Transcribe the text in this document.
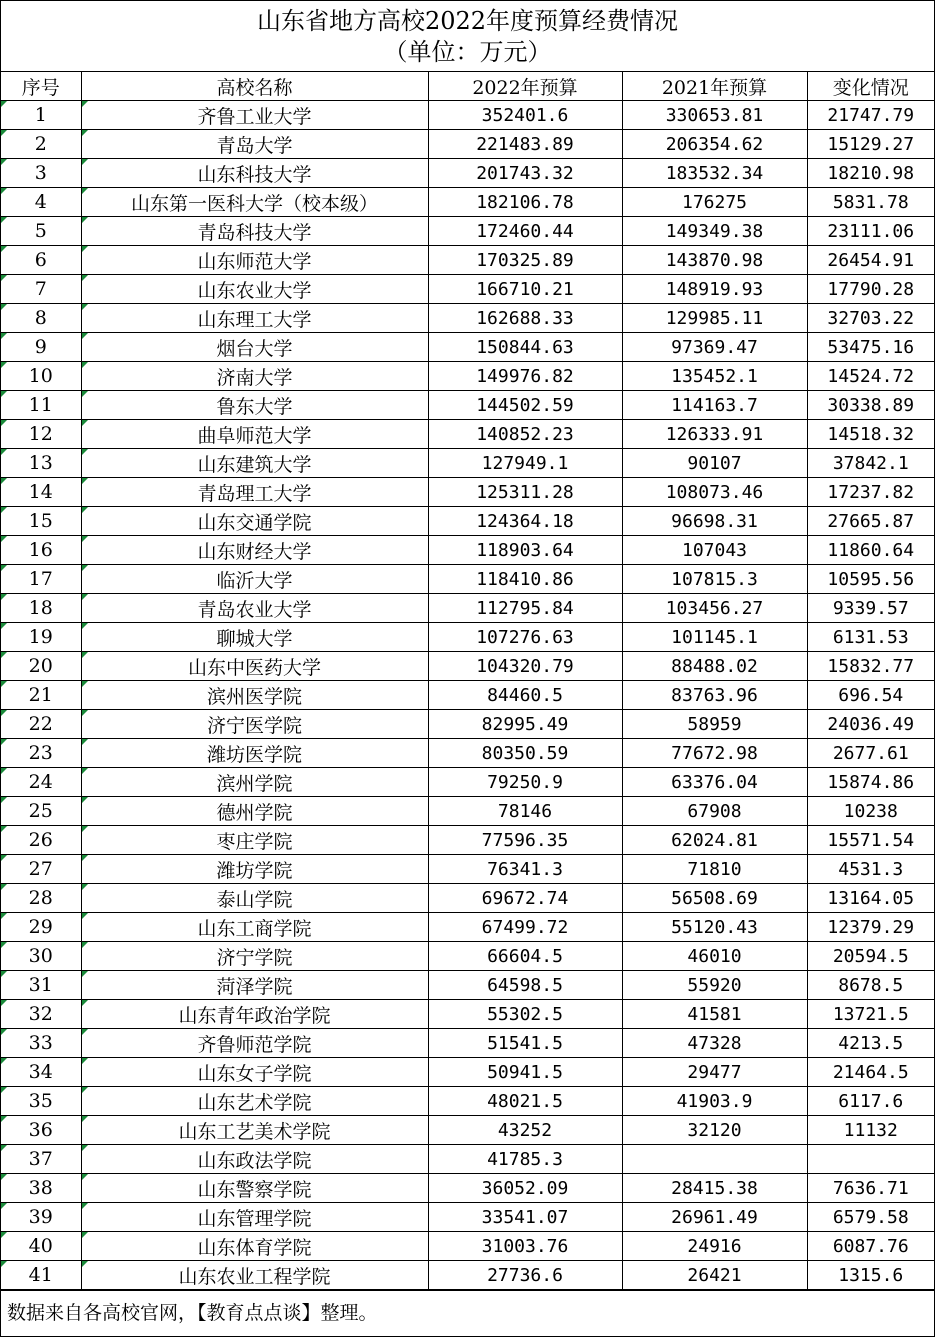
山东省地方高校2022年度预算经费情况
（单位：万元）
序号	高校名称	2022年预算	2021年预算	变化情况
1	齐鲁工业大学	352401.6	330653.81	21747.79
2	青岛大学	221483.89	206354.62	15129.27
3	山东科技大学	201743.32	183532.34	18210.98
4	山东第一医科大学（校本级）	182106.78	176275	5831.78
5	青岛科技大学	172460.44	149349.38	23111.06
6	山东师范大学	170325.89	143870.98	26454.91
7	山东农业大学	166710.21	148919.93	17790.28
8	山东理工大学	162688.33	129985.11	32703.22
9	烟台大学	150844.63	97369.47	53475.16
10	济南大学	149976.82	135452.1	14524.72
11	鲁东大学	144502.59	114163.7	30338.89
12	曲阜师范大学	140852.23	126333.91	14518.32
13	山东建筑大学	127949.1	90107	37842.1
14	青岛理工大学	125311.28	108073.46	17237.82
15	山东交通学院	124364.18	96698.31	27665.87
16	山东财经大学	118903.64	107043	11860.64
17	临沂大学	118410.86	107815.3	10595.56
18	青岛农业大学	112795.84	103456.27	9339.57
19	聊城大学	107276.63	101145.1	6131.53
20	山东中医药大学	104320.79	88488.02	15832.77
21	滨州医学院	84460.5	83763.96	696.54
22	济宁医学院	82995.49	58959	24036.49
23	潍坊医学院	80350.59	77672.98	2677.61
24	滨州学院	79250.9	63376.04	15874.86
25	德州学院	78146	67908	10238
26	枣庄学院	77596.35	62024.81	15571.54
27	潍坊学院	76341.3	71810	4531.3
28	泰山学院	69672.74	56508.69	13164.05
29	山东工商学院	67499.72	55120.43	12379.29
30	济宁学院	66604.5	46010	20594.5
31	菏泽学院	64598.5	55920	8678.5
32	山东青年政治学院	55302.5	41581	13721.5
33	齐鲁师范学院	51541.5	47328	4213.5
34	山东女子学院	50941.5	29477	21464.5
35	山东艺术学院	48021.5	41903.9	6117.6
36	山东工艺美术学院	43252	32120	11132
37	山东政法学院	41785.3		
38	山东警察学院	36052.09	28415.38	7636.71
39	山东管理学院	33541.07	26961.49	6579.58
40	山东体育学院	31003.76	24916	6087.76
41	山东农业工程学院	27736.6	26421	1315.6
数据来自各高校官网，【教育点点谈】整理。
